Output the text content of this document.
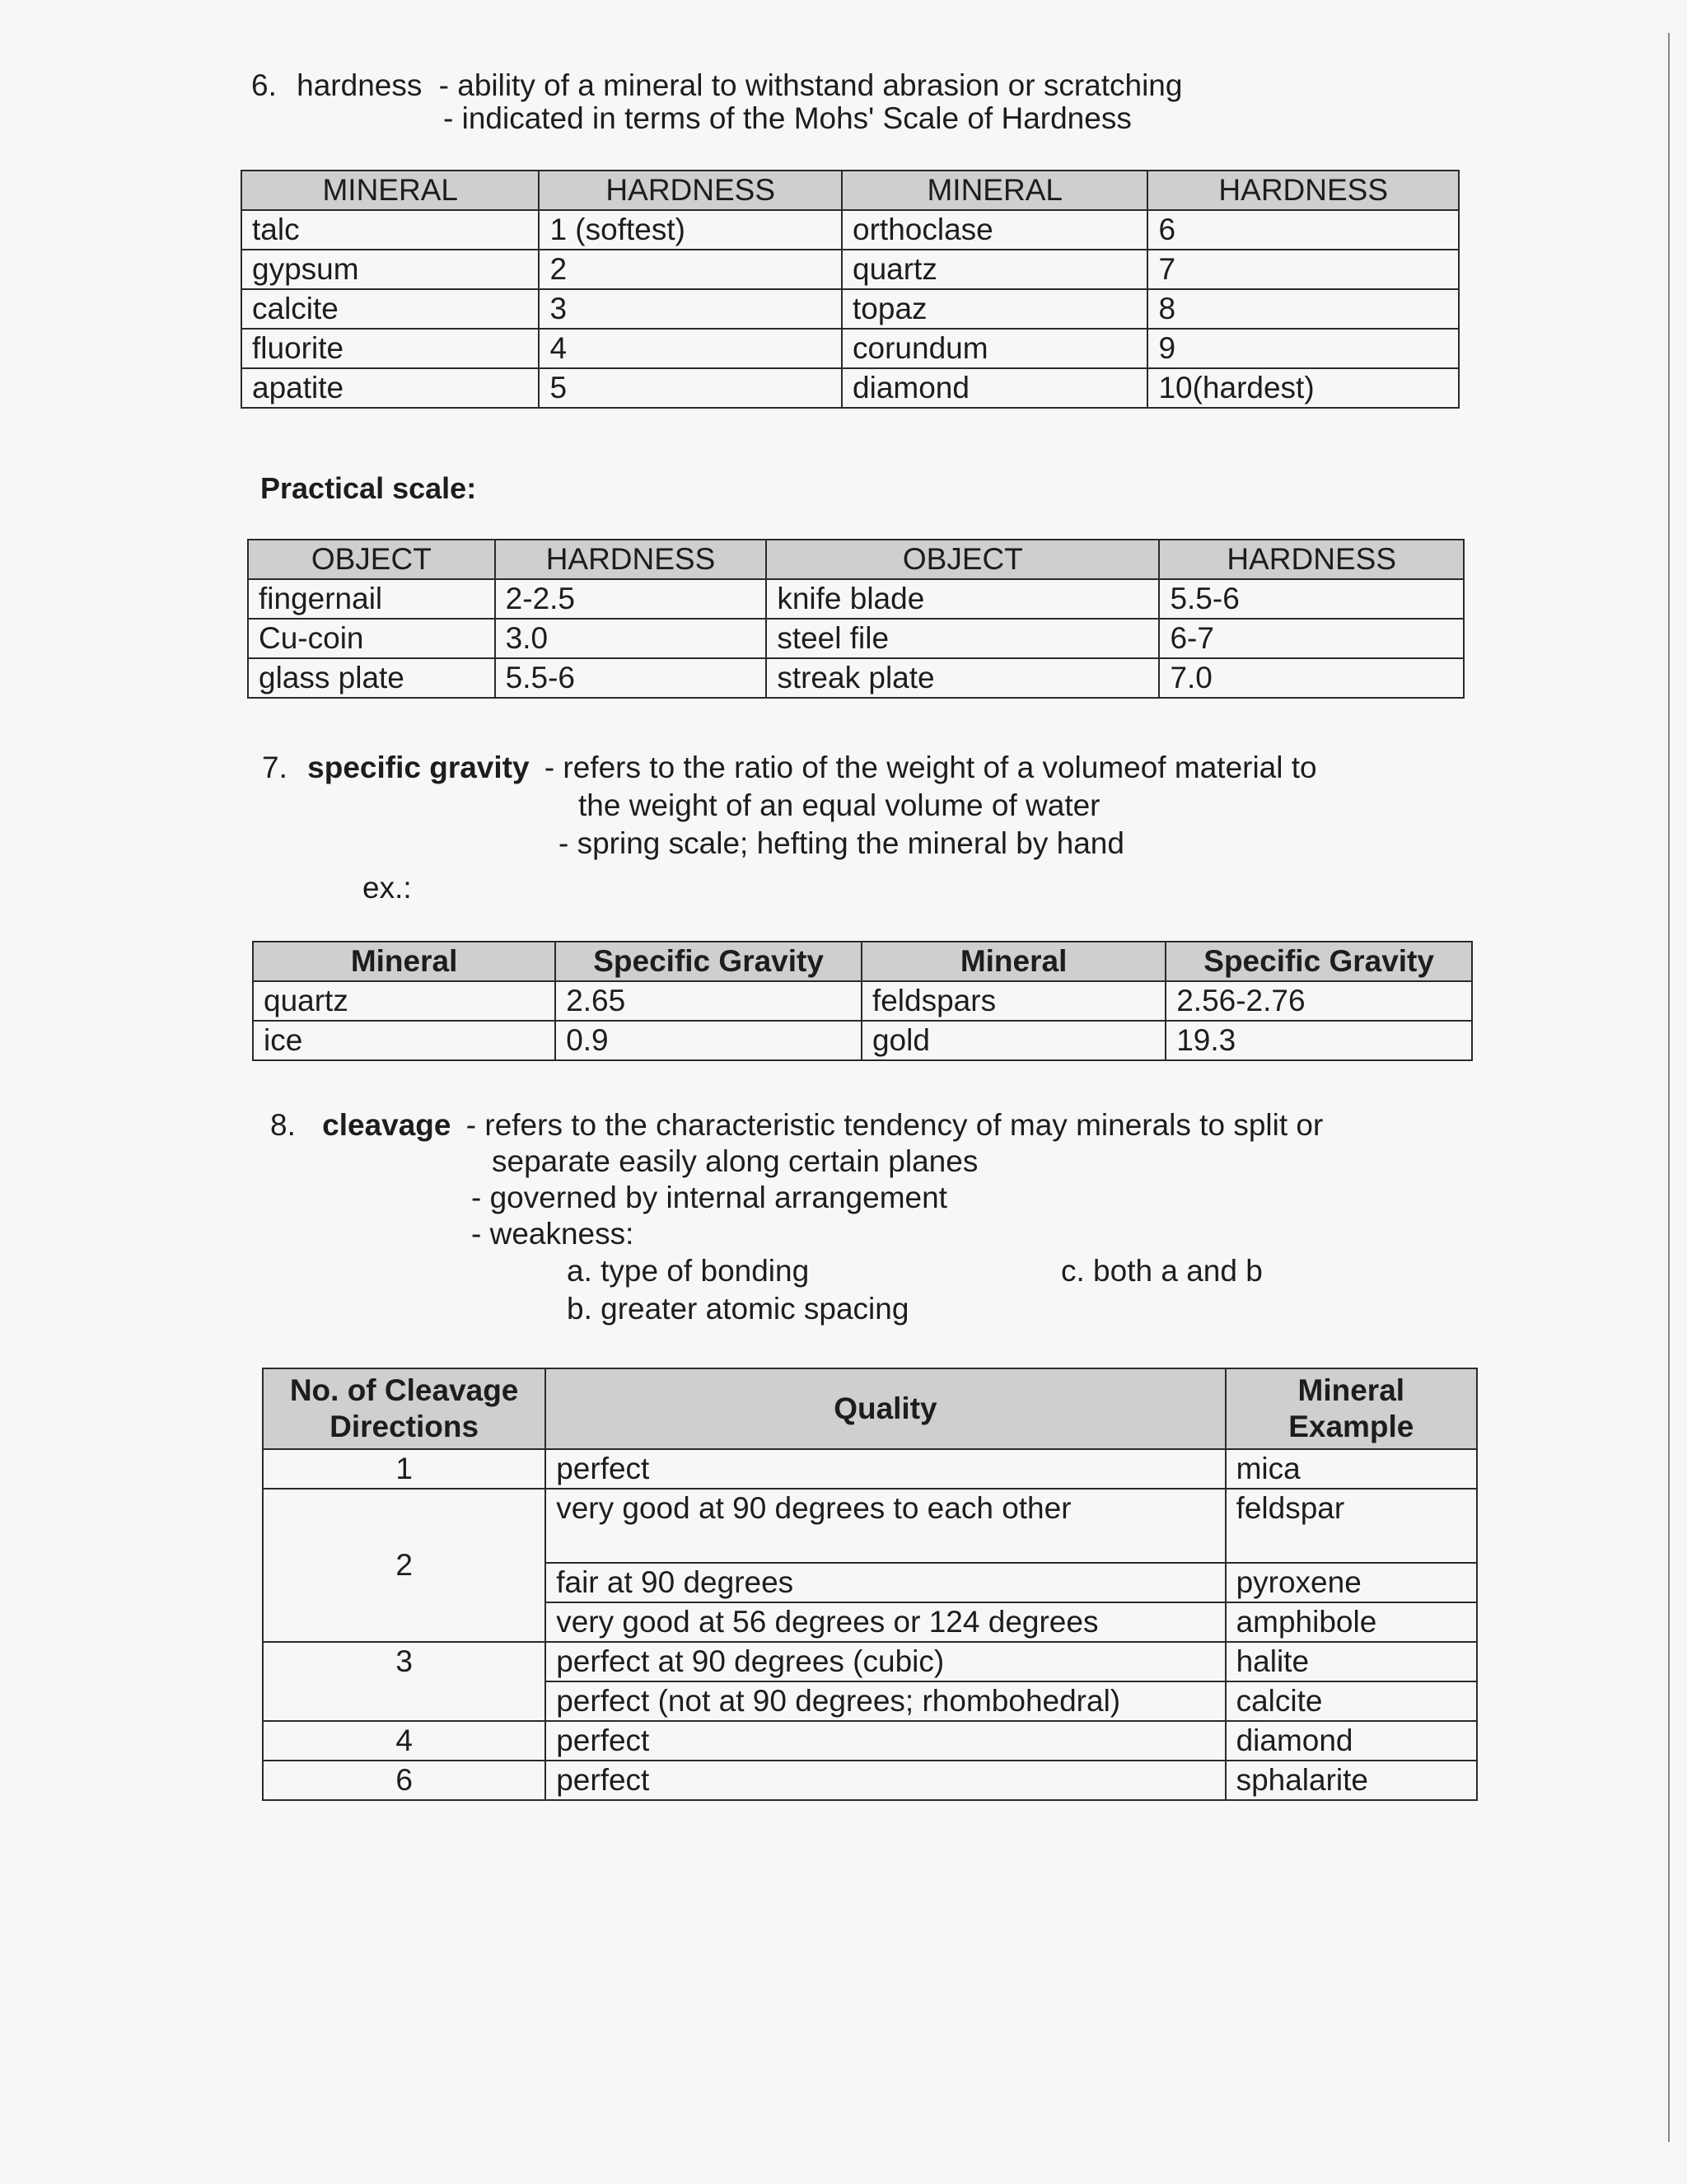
6. hardness - ability of a mineral to withstand abrasion or scratching
- indicated in terms of the Mohs' Scale of Hardness
MINERAL	HARDNESS	MINERAL	HARDNESS
talc	1 (softest)	orthoclase	6
gypsum	2	quartz	7
calcite	3	topaz	8
fluorite	4	corundum	9
apatite	5	diamond	10(hardest)
Practical scale:
OBJECT	HARDNESS	OBJECT	HARDNESS
fingernail	2-2.5	knife blade	5.5-6
Cu-coin	3.0	steel file	6-7
glass plate	5.5-6	streak plate	7.0
7. specific gravity - refers to the ratio of the weight of a volumeof material to
the weight of an equal volume of water
- spring scale; hefting the mineral by hand
ex.:
Mineral	Specific Gravity	Mineral	Specific Gravity
quartz	2.65	feldspars	2.56-2.76
ice	0.9	gold	19.3
8. cleavage - refers to the characteristic tendency of may minerals to split or
separate easily along certain planes
- governed by internal arrangement
- weakness:
a. type of bonding	c. both a and b
b. greater atomic spacing
No. of Cleavage Directions	Quality	Mineral Example
1	perfect	mica
2	very good at 90 degrees to each other	feldspar
	fair at 90 degrees	pyroxene
	very good at 56 degrees or 124 degrees	amphibole
3	perfect at 90 degrees (cubic)	halite
	perfect (not at 90 degrees; rhombohedral)	calcite
4	perfect	diamond
6	perfect	sphalarite
